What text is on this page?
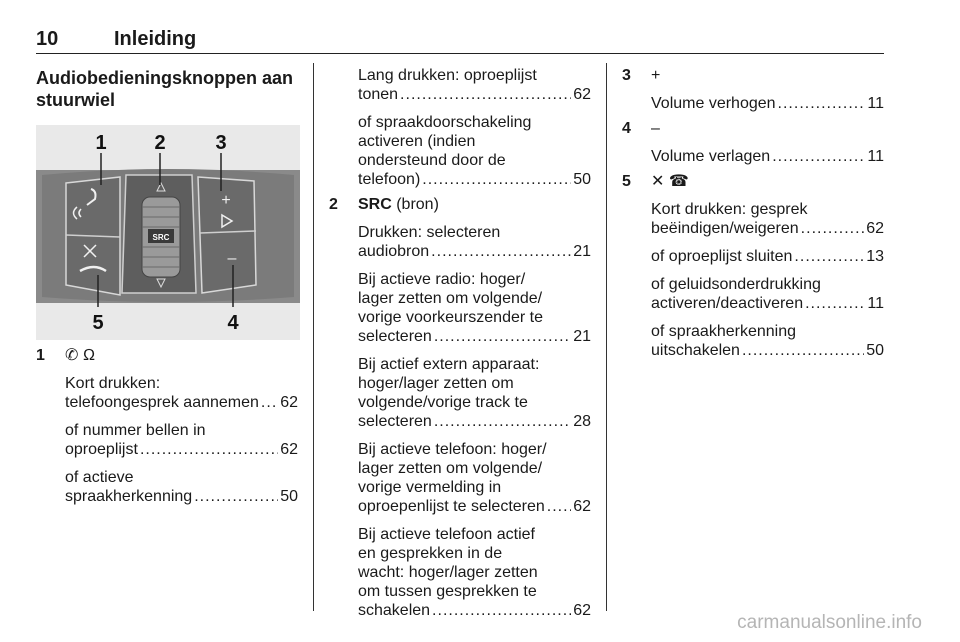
10	Inleiding
Audiobedieningsknoppen aan stuurwiel
SRC
+
–
1 2 3
4
5
1 ✆ Ω
Kort drukken:
telefoongesprek aannemen ..... 62
of nummer bellen in
oproeplijst .....	62
of actieve
spraakherkenning .....	50
Lang drukken: oproeplijst
tonen .....	62
of spraakdoorschakeling
activeren (indien
ondersteund door de
telefoon) .....	50
2 SRC (bron)
Drukken: selecteren
audiobron .....	21
Bij actieve radio: hoger/
lager zetten om volgende/
vorige voorkeurszender te
selecteren .....	21
Bij actief extern apparaat:
hoger/lager zetten om
volgende/vorige track te
selecteren .....	28
Bij actieve telefoon: hoger/
lager zetten om volgende/
vorige vermelding in
oproepenlijst te selecteren ..... 62
Bij actieve telefoon actief
en gesprekken in de
wacht: hoger/lager zetten
om tussen gesprekken te
schakelen .....	62
3 +
Volume verhogen .....	11
4 –
Volume verlagen .....	11
5 ✕ ☎
Kort drukken: gesprek
beëindigen/weigeren .....	62
of oproeplijst sluiten .....	13
of geluidsonderdrukking
activeren/deactiveren .....	11
of spraakherkenning
uitschakelen .....	50
carmanualsonline.info
